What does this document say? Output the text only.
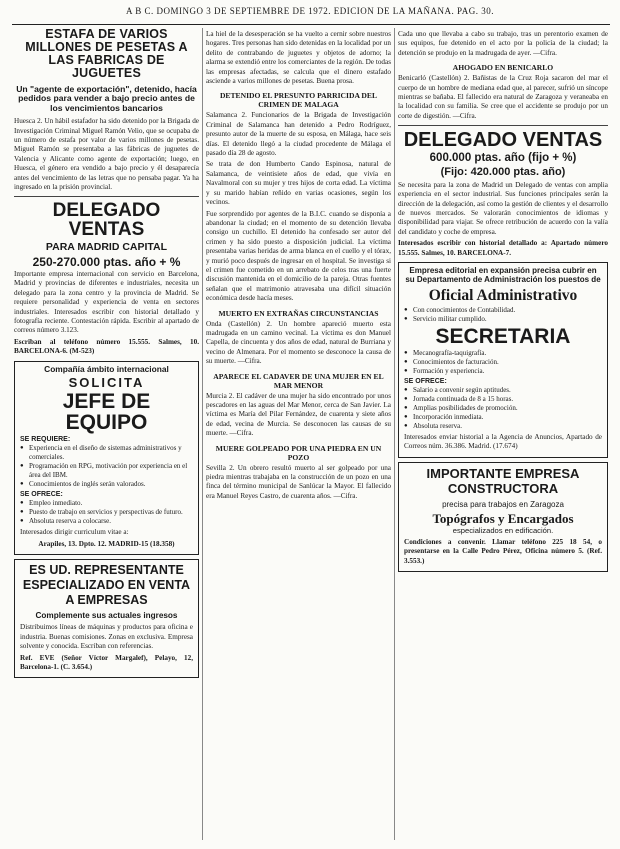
A B C. DOMINGO 3 DE SEPTIEMBRE DE 1972. EDICION DE LA MAÑANA. PAG. 30.
ESTAFA DE VARIOS MILLONES DE PESETAS A LAS FABRICAS DE JUGUETES
Un "agente de exportación", detenido, hacía pedidos para vender a bajo precio antes de los vencimientos bancarios
Huesca 2. Un hábil estafador ha sido detenido por la Brigada de Investigación Criminal Miguel Ramón Velio, que se ocupaba de un número de estafa por valor de varios millones de pesetas. Miguel Ramón se presentaba a las fábricas de juguetes de Valencia y Alicante como agente de exportación; luego, en Huesca, el género era vendido a bajo precio y él desaparecía antes del vencimiento de las letras que no pensaba pagar. Ya ha ingresado en la prisión provincial.
DELEGADO VENTAS
PARA MADRID CAPITAL
250-270.000 ptas. año + %
Importante empresa internacional con servicio en Barcelona, Madrid y provincias de diferentes e industriales, necesita un delegado para la zona centro y la provincia de Madrid. Se requiere personalidad y experiencia de venta en sectores industriales. Interesados escribir con historial detallado y fotografía reciente. Contestación rápida. Escribir al apartado de correos número 3.123.
Escriban al teléfono número 15.555. Salmes, 10. BARCELONA-6. (M-523)
Compañía ámbito internacional
SOLICITA
JEFE DE EQUIPO
SE REQUIERE:
● Experiencia en el diseño de sistemas administrativos y comerciales.
● Programación en RPG, motivación por experiencia en el área del IBM.
● Conocimientos de inglés serán valorados.
SE OFRECE:
● Empleo inmediato.
● Puesto de trabajo en servicios y perspectivas de futuro.
● Absoluta reserva a colocarse.
Interesados dirigir curriculum vitae a:
Arapiles, 13. Dpto. 12. MADRID-15 (18.358)
ES UD. REPRESENTANTE ESPECIALIZADO EN VENTA A EMPRESAS
Complemente sus actuales ingresos
Distribuimos líneas de máquinas y productos para oficina e industria. Buenas comisiones. Zonas en exclusiva. Empresa solvente y conocida. Escriban con referencias.
Ref. EVE (Señor Víctor Margalef), Pelayo, 12, Barcelona-1. (C. 3.654.)
La hiel de la desesperación se ha vuelto a cernir sobre nuestros hogares. Tres personas han sido detenidas en la localidad por un delito de contrabando de juguetes y objetos de adorno; la alarma se extendió entre los comerciantes de la región. De todas las empresas afectadas, se calcula que el dinero estafado asciende a varios millones de pesetas. Buena prosa.
DETENIDO EL PRESUNTO PARRICIDA DEL CRIMEN DE MALAGA
Salamanca 2. Funcionarios de la Brigada de Investigación Criminal de Salamanca han detenido a Pedro Rodríguez, presunto autor de la muerte de su esposa, en Málaga, hace seis días. El detenido llegó a la ciudad procedente de Málaga el pasado día 28 de agosto.
Se trata de don Humberto Cando Espinosa, natural de Salamanca, de veintisiete años de edad, que vivía en Navalmoral con su mujer y tres hijos de corta edad. La víctima y su marido habían reñido en varias ocasiones, según los vecinos.
Fue sorprendido por agentes de la B.I.C. cuando se disponía a abandonar la ciudad; en el momento de su detención llevaba consigo un cuchillo. El detenido ha confesado ser autor del crimen y ha sido puesto a disposición judicial. La víctima presentaba varias heridas de arma blanca en el cuello y el tórax, y murió poco después de ingresar en el hospital. Se investiga si el crimen fue cometido en un arrebato de celos tras una fuerte discusión mantenida en el domicilio de la pareja. Otras fuentes señalan que el matrimonio atravesaba una difícil situación económica desde hacía meses.
MUERTO EN EXTRAÑAS CIRCUNSTANCIAS
Onda (Castellón) 2. Un hombre apareció muerto esta madrugada en un camino vecinal. La víctima es don Manuel Capella, de cincuenta y dos años de edad, natural de Burriana y vecino de Almenara. Por el momento se desconoce la causa de su muerte. —Cifra.
APARECE EL CADAVER DE UNA MUJER EN EL MAR MENOR
Murcia 2. El cadáver de una mujer ha sido encontrado por unos pescadores en las aguas del Mar Menor, cerca de San Javier. La víctima es María del Pilar Fernández, de cuarenta y siete años de edad, vecina de Murcia. Se desconocen las causas de su muerte. —Cifra.
MUERE GOLPEADO POR UNA PIEDRA EN UN POZO
Sevilla 2. Un obrero resultó muerto al ser golpeado por una piedra mientras trabajaba en la construcción de un pozo en una finca del término municipal de Sanlúcar la Mayor. El fallecido era Manuel Reyes Castro, de cuarenta años. —Cifra.
Cada uno que llevaba a cabo su trabajo, tras un perentorio examen de sus equipos, fue detenido en el acto por la policía de la ciudad; la detención se produjo en la madrugada de ayer. —Cifra.
AHOGADO EN BENICARLO
Benicarló (Castellón) 2. Bañistas de la Cruz Roja sacaron del mar el cuerpo de un hombre de mediana edad que, al parecer, sufrió un síncope mientras se bañaba. El fallecido era natural de Zaragoza y veraneaba en la localidad con su familia. Se cree que el accidente se produjo por un corte de digestión. —Cifra.
DELEGADO VENTAS
600.000 ptas. año (fijo + %)
(Fijo: 420.000 ptas. año)
Se necesita para la zona de Madrid un Delegado de ventas con amplia experiencia en el sector industrial. Sus funciones principales serán la dirección de la delegación, así como la gestión de clientes y el desarrollo de nuevos mercados. Se valorarán conocimientos de idiomas y disponibilidad para viajar. Se ofrece retribución de acuerdo con la valía del candidato y coche de empresa.
Interesados escribir con historial detallado a: Apartado número 15.555. Salmes, 10. BARCELONA-7.
Empresa editorial en expansión precisa cubrir en su Departamento de Administración los puestos de
Oficial Administrativo
● Con conocimientos de Contabilidad.
● Servicio militar cumplido.
SECRETARIA
● Mecanografía-taquigrafía.
● Conocimientos de facturación.
● Formación y experiencia.
SE OFRECE:
● Salario a convenir según aptitudes.
● Jornada continuada de 8 a 15 horas.
● Amplias posibilidades de promoción.
● Incorporación inmediata.
● Absoluta reserva.
Interesados enviar historial a la Agencia de Anuncios, Apartado de Correos núm. 36.386. Madrid. (17.674)
IMPORTANTE EMPRESA CONSTRUCTORA
precisa para trabajos en Zaragoza
Topógrafos y Encargados
especializados en edificación.
Condiciones a convenir. Llamar teléfono 225 18 54, o presentarse en la Calle Pedro Pérez, Oficina número 5. (Ref. 3.553.)
